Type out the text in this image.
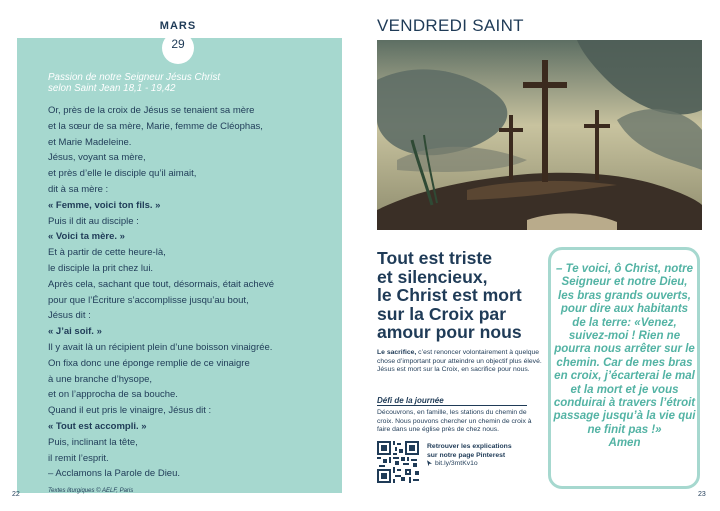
MARS
29
Passion de notre Seigneur Jésus Christ
selon Saint Jean 18,1 - 19,42
Or, près de la croix de Jésus se tenaient sa mère
et la sœur de sa mère, Marie, femme de Cléophas,
et Marie Madeleine.
Jésus, voyant sa mère,
et près d’elle le disciple qu’il aimait,
dit à sa mère :
« Femme, voici ton fils. »
Puis il dit au disciple :
« Voici ta mère. »
Et à partir de cette heure-là,
le disciple la prit chez lui.
Après cela, sachant que tout, désormais, était achevé
pour que l’Écriture s’accomplisse jusqu’au bout,
Jésus dit :
« J’ai soif. »
Il y avait là un récipient plein d’une boisson vinaigrée.
On fixa donc une éponge remplie de ce vinaigre
à une branche d’hysope,
et on l’approcha de sa bouche.
Quand il eut pris le vinaigre, Jésus dit :
« Tout est accompli. »
Puis, inclinant la tête,
il remit l’esprit.
– Acclamons la Parole de Dieu.
Textes liturgiques © AELF, Paris
22
VENDREDI SAINT
Tout est triste
et silencieux,
le Christ est mort
sur la Croix par
amour pour nous
Le sacrifice, c’est renoncer volontairement à quelque chose d’important pour atteindre un objectif plus élevé. Jésus est mort sur la Croix, en sacrifice pour nous.
Défi de la journée
Découvrons, en famille, les stations du chemin de croix. Nous pouvons chercher un chemin de croix à faire dans une église près de chez nous.
Retrouver les explications
sur notre page Pinterest
bit.ly/3mtKv1o
– Te voici, ô Christ, notre Seigneur et notre Dieu, les bras grands ouverts, pour dire aux habitants de la terre: «Venez, suivez-moi ! Rien ne pourra nous arrêter sur le chemin. Car de mes bras en croix, j’écarterai le mal et la mort et je vous conduirai à travers l’étroit passage jusqu’à la vie qui ne finit pas !»
Amen
23
